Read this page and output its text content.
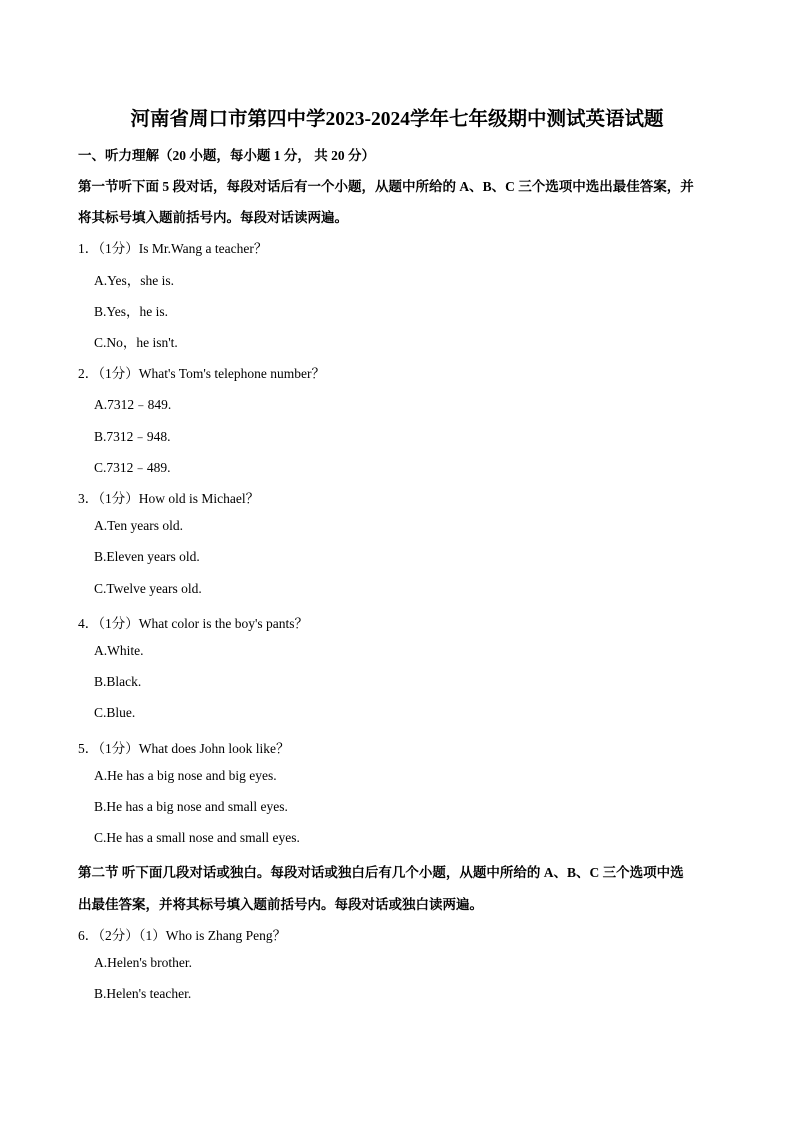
河南省周口市第四中学2023-2024学年七年级期中测试英语试题
一、听力理解（20 小题，每小题 1 分， 共 20 分）
第一节听下面 5 段对话，每段对话后有一个小题，从题中所给的 A、B、C 三个选项中选出最佳答案，并
将其标号填入题前括号内。每段对话读两遍。
1．（1分）Is Mr.Wang a teacher？
A.Yes，she is.
B.Yes，he is.
C.No，he isn't.
2．（1分）What's Tom's telephone number？
A.7312﹣849.
B.7312﹣948.
C.7312﹣489.
3．（1分）How old is Michael？
A.Ten years old.
B.Eleven years old.
C.Twelve years old.
4．（1分）What color is the boy's pants？
A.White.
B.Black.
C.Blue.
5．（1分）What does John look like？
A.He has a big nose and big eyes.
B.He has a big nose and small eyes.
C.He has a small nose and small eyes.
第二节 听下面几段对话或独白。每段对话或独白后有几个小题，从题中所给的 A、B、C 三个选项中选
出最佳答案，并将其标号填入题前括号内。每段对话或独白读两遍。
6．（2分）（1）Who is Zhang Peng？
A.Helen's brother.
B.Helen's teacher.
